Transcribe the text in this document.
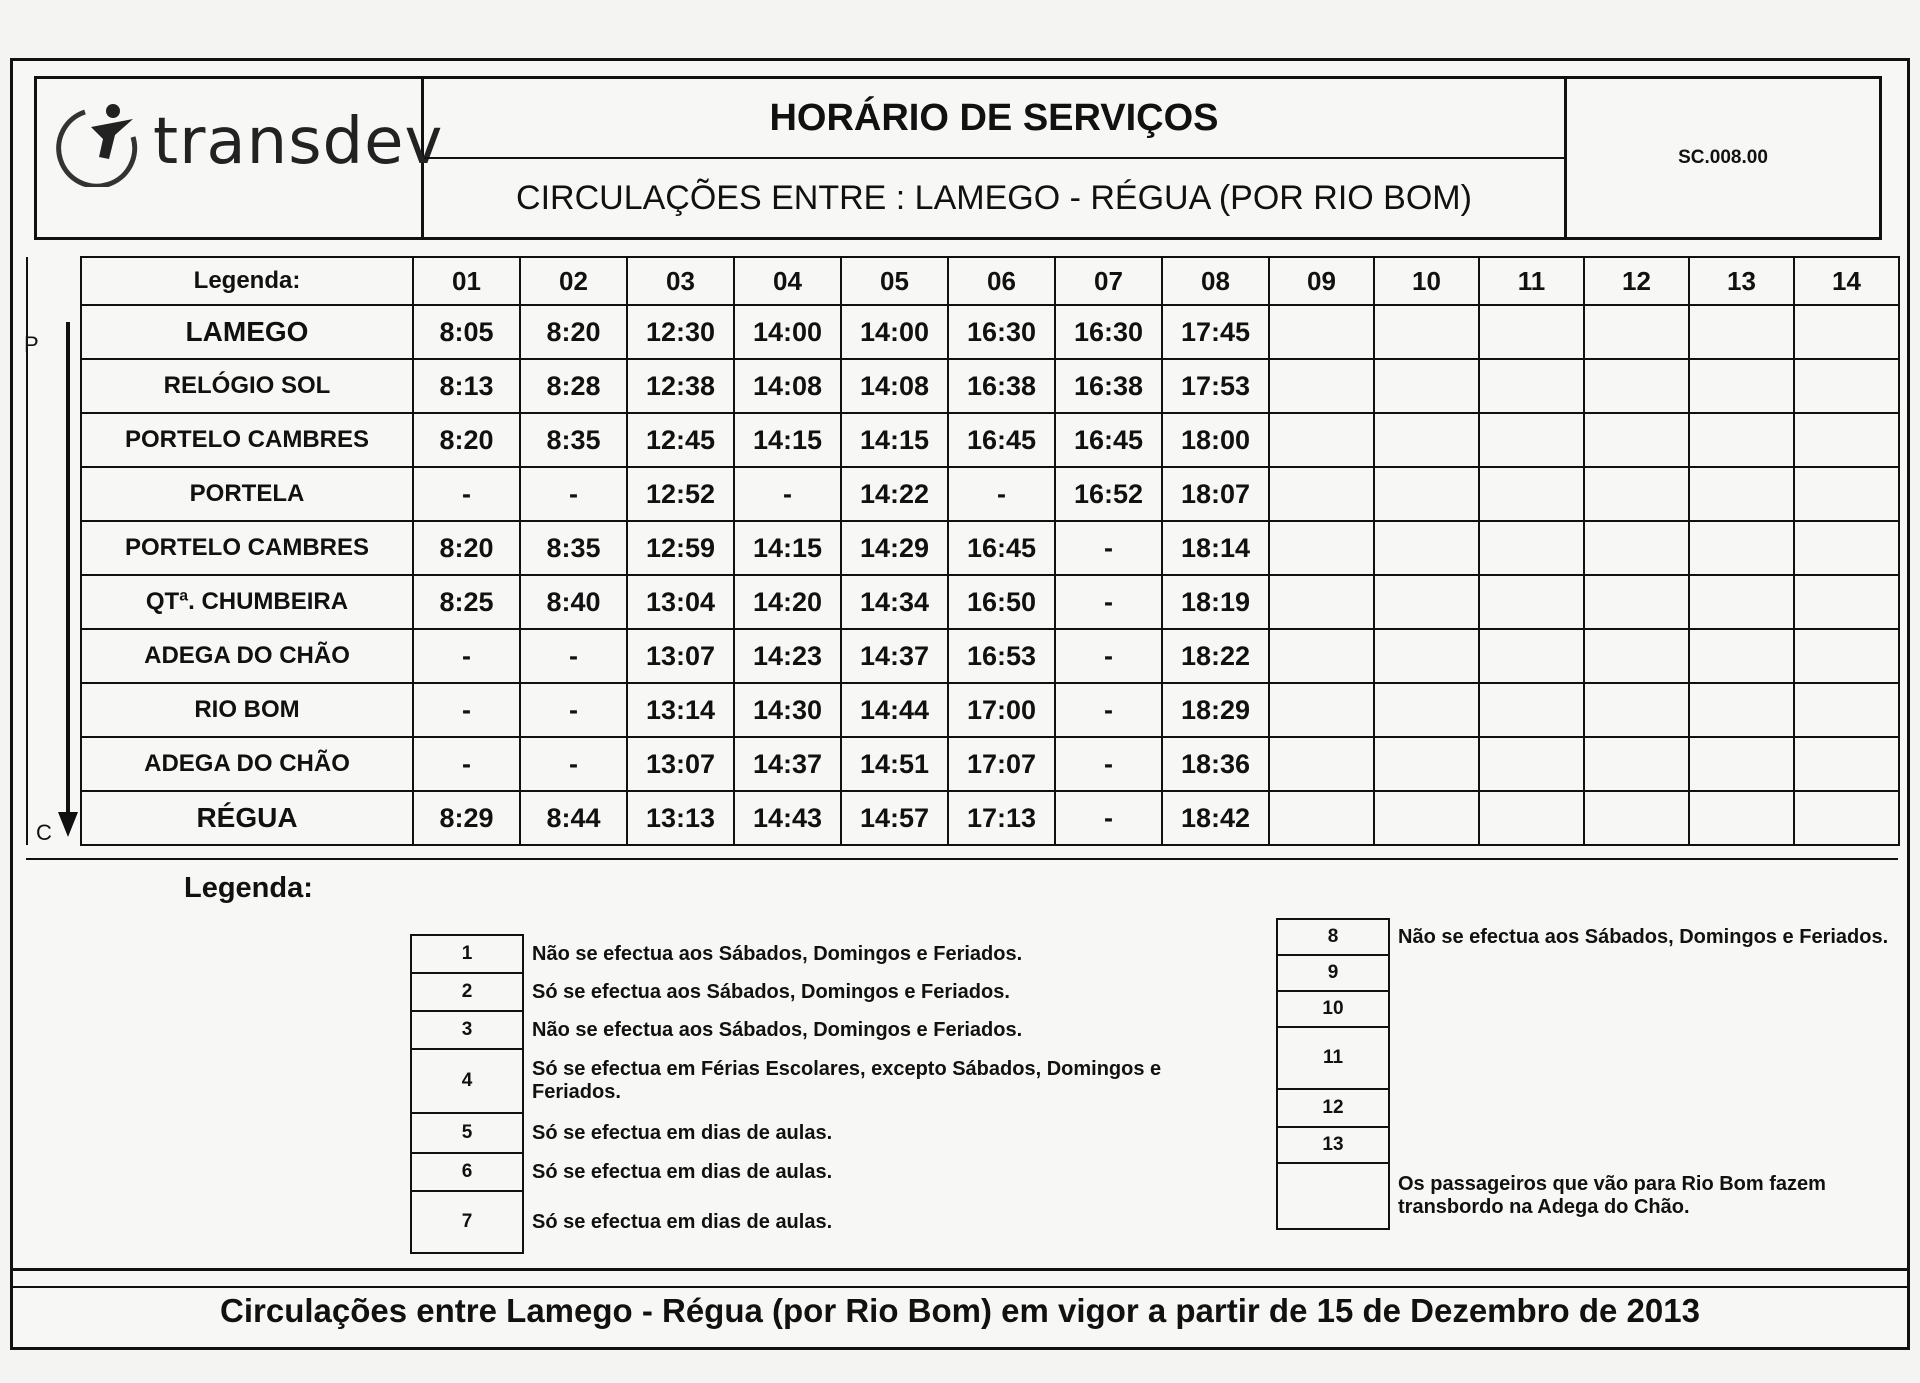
transdev	HORÁRIO DE SERVIÇOS
CIRCULAÇÕES ENTRE : LAMEGO - RÉGUA (POR RIO BOM)
SC.008.00
P
C
	Legenda:	01	02	03	04	05	06	07	08	09	10	11	12	13	14
	LAMEGO	8:05	8:20	12:30	14:00	14:00	16:30	16:30	17:45						
	RELÓGIO SOL	8:13	8:28	12:38	14:08	14:08	16:38	16:38	17:53						
	PORTELO CAMBRES	8:20	8:35	12:45	14:15	14:15	16:45	16:45	18:00						
	PORTELA	-	-	12:52	-	14:22	-	16:52	18:07						
	PORTELO CAMBRES	8:20	8:35	12:59	14:15	14:29	16:45	-	18:14						
	QTª. CHUMBEIRA	8:25	8:40	13:04	14:20	14:34	16:50	-	18:19						
	ADEGA DO CHÃO	-	-	13:07	14:23	14:37	16:53	-	18:22						
	RIO BOM	-	-	13:14	14:30	14:44	17:00	-	18:29						
	ADEGA DO CHÃO	-	-	13:07	14:37	14:51	17:07	-	18:36						
	RÉGUA	8:29	8:44	13:13	14:43	14:57	17:13	-	18:42						
Legenda:
1	Não se efectua aos Sábados, Domingos e Feriados.
2	Só se efectua aos Sábados, Domingos e Feriados.
3	Não se efectua aos Sábados, Domingos e Feriados.
4	Só se efectua em Férias Escolares, excepto Sábados, Domingos e Feriados.
5	Só se efectua em dias de aulas.
6	Só se efectua em dias de aulas.
7	Só se efectua em dias de aulas.
8	Não se efectua aos Sábados, Domingos e Feriados.
9	
10	
11	
12	
13	
	Os passageiros que vão para Rio Bom fazem transbordo na Adega do Chão.
Circulações entre Lamego - Régua (por Rio Bom) em vigor a partir de 15 de Dezembro de 2013
